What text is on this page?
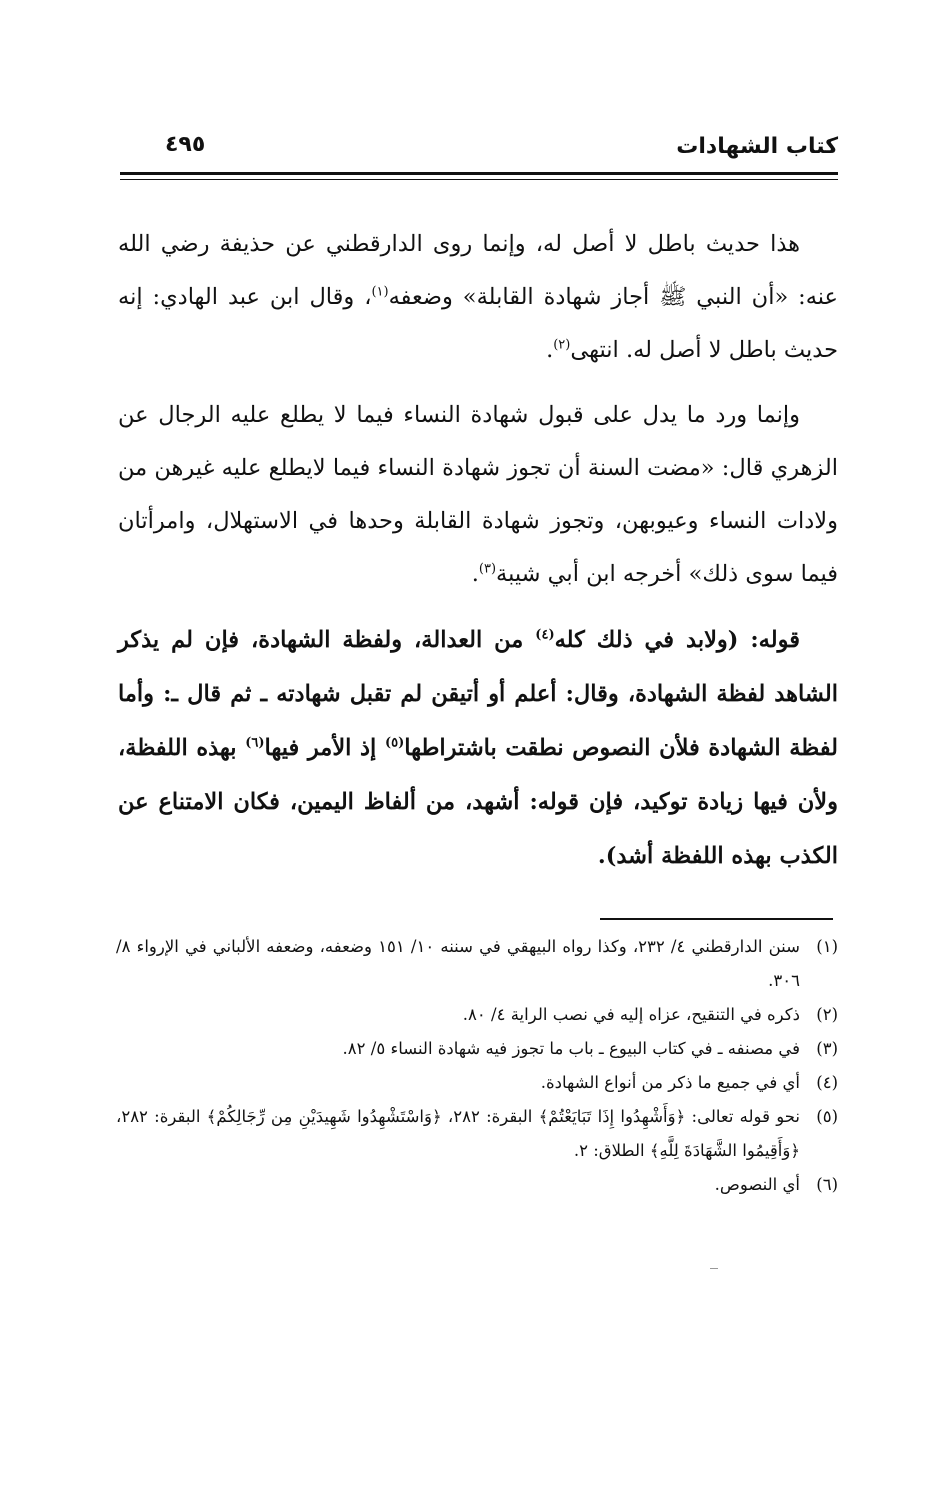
كتاب الشهادات
٤٩٥

هذا حديث باطل لا أصل له، وإنما روى الدارقطني عن حذيفة رضي الله عنه: «أن النبي ﷺ أجاز شهادة القابلة» وضعفه$^{(١)}$، وقال ابن عبد الهادي: إنه حديث باطل لا أصل له. انتهى$^{(٢)}$.

وإنما ورد ما يدل على قبول شهادة النساء فيما لا يطلع عليه الرجال عن الزهري قال: «مضت السنة أن تجوز شهادة النساء فيما لايطلع عليه غيرهن من ولادات النساء وعيوبهن، وتجوز شهادة القابلة وحدها في الاستهلال، وامرأتان فيما سوى ذلك» أخرجه ابن أبي شيبة$^{(٣)}$.

قوله: (ولابد في ذلك كله$^{(٤)}$ من العدالة، ولفظة الشهادة، فإن لم يذكر الشاهد لفظة الشهادة، وقال: أعلم أو أتيقن لم تقبل شهادته ـ ثم قال ـ: وأما لفظة الشهادة فلأن النصوص نطقت باشتراطها$^{(٥)}$ إذ الأمر فيها$^{(٦)}$ بهذه اللفظة، ولأن فيها زيادة توكيد، فإن قوله: أشهد، من ألفاظ اليمين، فكان الامتناع عن الكذب بهذه اللفظة أشد).

(١)
سنن الدارقطني ٤/ ٢٣٢، وكذا رواه البيهقي في سننه ١٠/ ١٥١ وضعفه، وضعفه الألباني في الإرواء ٨/ ٣٠٦.

(٢)
ذكره في التنقيح، عزاه إليه في نصب الراية ٤/ ٨٠.

(٣)
في مصنفه ـ في كتاب البيوع ـ باب ما تجوز فيه شهادة النساء ٥/ ٨٢.

(٤)
أي في جميع ما ذكر من أنواع الشهادة.

(٥)
نحو قوله تعالى: ﴿وَأَشْهِدُوا إِذَا تَبَايَعْتُمْ﴾ البقرة: ٢٨٢، ﴿وَاسْتَشْهِدُوا شَهِيدَيْنِ مِن رِّجَالِكُمْ﴾ البقرة: ٢٨٢، ﴿وَأَقِيمُوا الشَّهَادَةَ لِلَّهِ﴾ الطلاق: ٢.

(٦)
أي النصوص.
